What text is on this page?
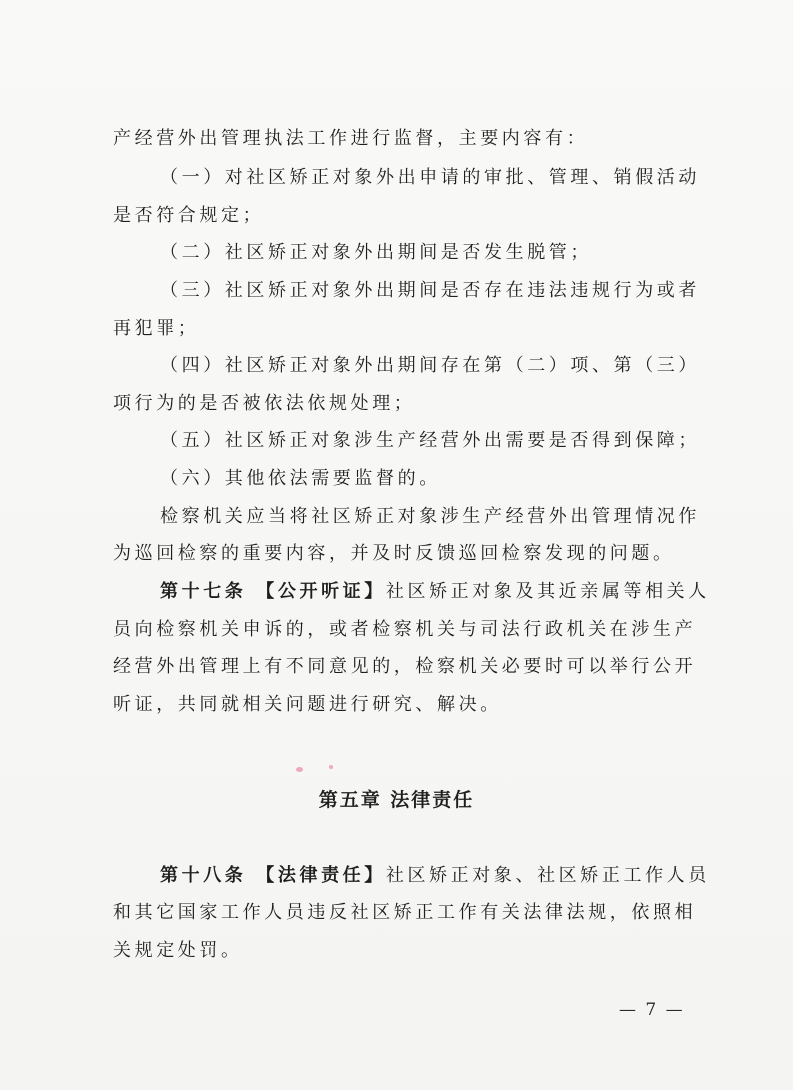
产经营外出管理执法工作进行监督，主要内容有：
（一）对社区矫正对象外出申请的审批、管理、销假活动
是否符合规定；
（二）社区矫正对象外出期间是否发生脱管；
（三）社区矫正对象外出期间是否存在违法违规行为或者
再犯罪；
（四）社区矫正对象外出期间存在第（二）项、第（三）
项行为的是否被依法依规处理；
（五）社区矫正对象涉生产经营外出需要是否得到保障；
（六）其他依法需要监督的。
检察机关应当将社区矫正对象涉生产经营外出管理情况作
为巡回检察的重要内容，并及时反馈巡回检察发现的问题。
第十七条 【公开听证】社区矫正对象及其近亲属等相关人
员向检察机关申诉的，或者检察机关与司法行政机关在涉生产
经营外出管理上有不同意见的，检察机关必要时可以举行公开
听证，共同就相关问题进行研究、解决。
第五章 法律责任
第十八条 【法律责任】社区矫正对象、社区矫正工作人员
和其它国家工作人员违反社区矫正工作有关法律法规，依照相
关规定处罚。
— 7 —
